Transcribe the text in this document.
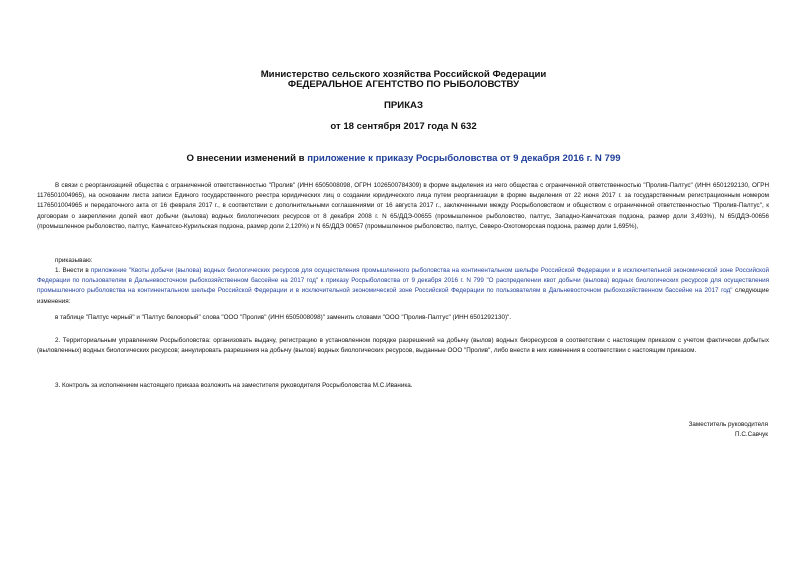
Министерство сельского хозяйства Российской Федерации
ФЕДЕРАЛЬНОЕ АГЕНТСТВО ПО РЫБОЛОВСТВУ
ПРИКАЗ
от 18 сентября 2017 года N 632
О внесении изменений в приложение к приказу Росрыболовства от 9 декабря 2016 г. N 799

В связи с реорганизацией общества с ограниченной ответственностью "Пролив" (ИНН 6505008098, ОГРН 1026500784309) в форме выделения из него общества с ограниченной ответственностью "Пролив-Палтус" (ИНН 6501292130, ОГРН 1176501004965), на основании листа записи Единого государственного реестра юридических лиц о создании юридического лица путем реорганизации в форме выделения от 22 июня 2017 г. за государственным регистрационным номером 1176501004965 и передаточного акта от 16 февраля 2017 г., в соответствии с дополнительными соглашениями от 16 августа 2017 г., заключенными между Росрыболовством и обществом с ограниченной ответственностью "Пролив-Палтус", к договорам о закреплении долей квот добычи (вылова) водных биологических ресурсов от 8 декабря 2008 г. N 65/ДДЭ-00655 (промышленное рыболовство, палтус, Западно-Камчатская подзона, размер доли 3,493%), N 65/ДДЭ-00656 (промышленное рыболовство, палтус, Камчатско-Курильская подзона, размер доли 2,120%) и N 65/ДДЭ 00657 (промышленное рыболовство, палтус, Северо-Охотоморская подзона, размер доли 1,695%),

приказываю:

1. Внести в приложение "Квоты добычи (вылова) водных биологических ресурсов для осуществления промышленного рыболовства на континентальном шельфе Российской Федерации и в исключительной экономической зоне Российской Федерации по пользователям в Дальневосточном рыбохозяйственном бассейне на 2017 год" к приказу Росрыболовства от 9 декабря 2016 г. N 799 "О распределении квот добычи (вылова) водных биологических ресурсов для осуществления промышленного рыболовства на континентальном шельфе Российской Федерации и в исключительной экономической зоне Российской Федерации по пользователям в Дальневосточном рыбохозяйственном бассейне на 2017 год" следующие изменения:

в таблице "Палтус черный" и "Палтус белокорый" слова "ООО "Пролив" (ИНН 6505008098)" заменить словами "ООО "Пролив-Палтус" (ИНН 6501292130)".

2. Территориальным управлениям Росрыболовства: организовать выдачу, регистрацию в установленном порядке разрешений на добычу (вылов) водных биоресурсов в соответствии с настоящим приказом с учетом фактически добытых (выловленных) водных биологических ресурсов; аннулировать разрешения на добычу (вылов) водных биологических ресурсов, выданные ООО "Пролив", либо внести в них изменения в соответствии с настоящим приказом.

3. Контроль за исполнением настоящего приказа возложить на заместителя руководителя Росрыболовства М.С.Иваника.

Заместитель руководителя
П.С.Савчук
